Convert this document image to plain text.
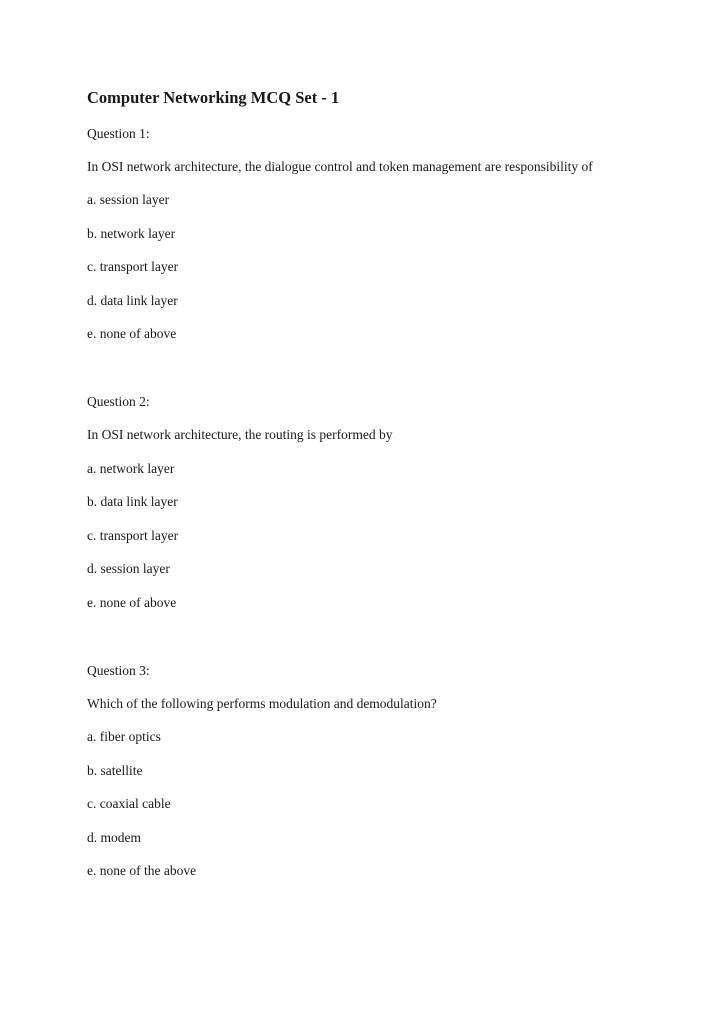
Computer Networking MCQ Set - 1
Question 1:
In OSI network architecture, the dialogue control and token management are responsibility of
a. session layer
b. network layer
c. transport layer
d. data link layer
e. none of above
Question 2:
In OSI network architecture, the routing is performed by
a. network layer
b. data link layer
c. transport layer
d. session layer
e. none of above
Question 3:
Which of the following performs modulation and demodulation?
a. fiber optics
b. satellite
c. coaxial cable
d. modem
e. none of the above
